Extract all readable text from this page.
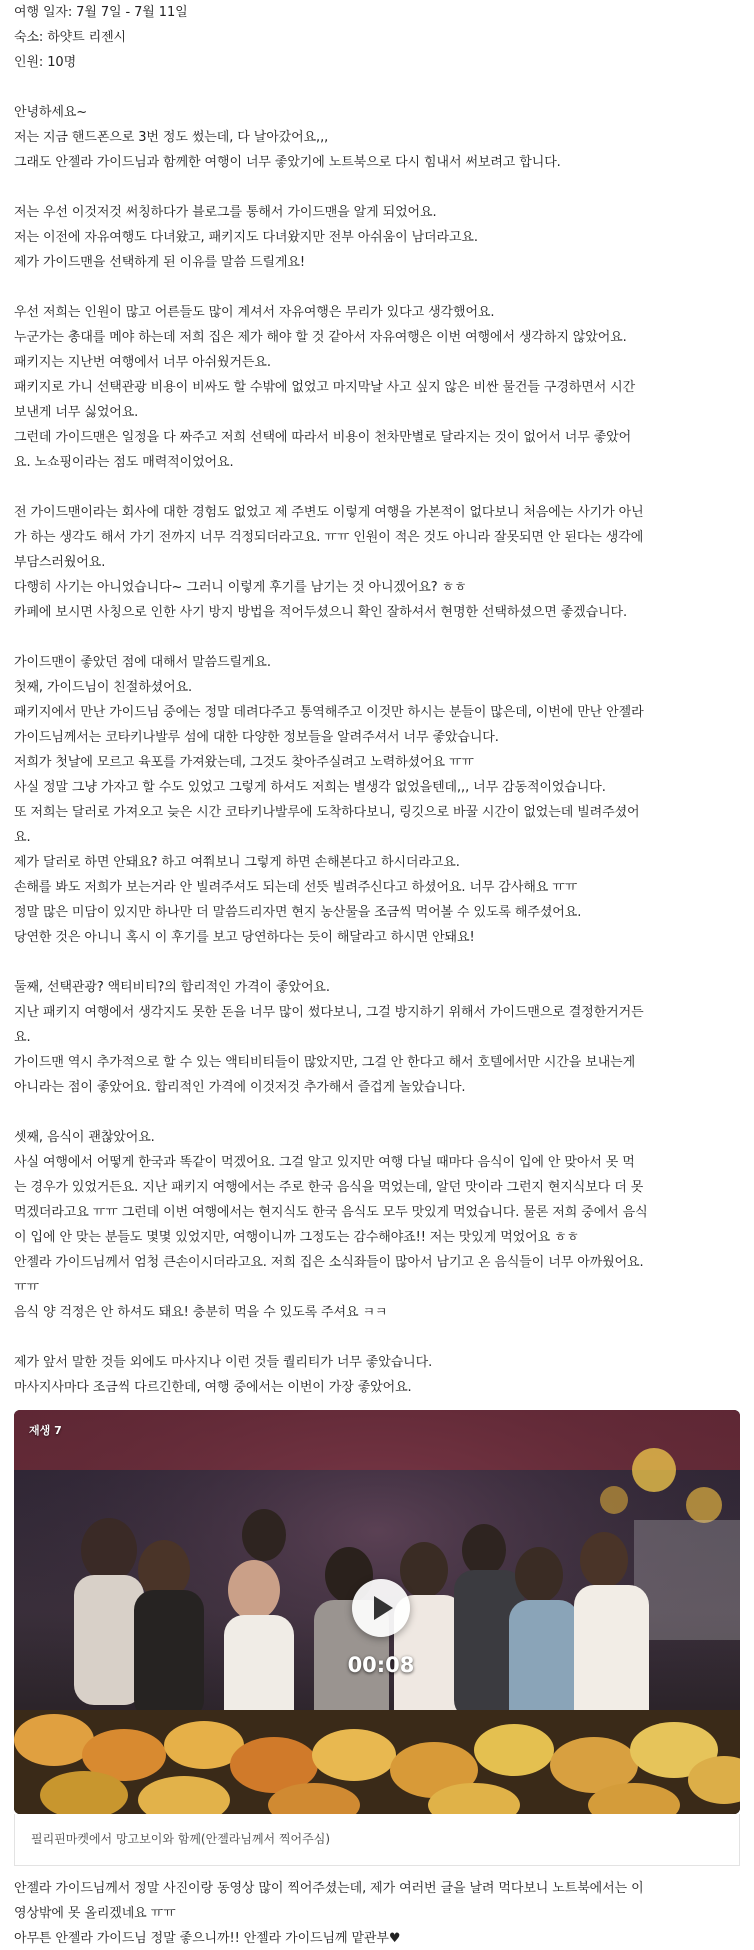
여행 일자: 7월 7일 - 7월 11일
숙소: 하얏트 리젠시
인원: 10명
안녕하세요~
저는 지금 핸드폰으로 3번 정도 썼는데, 다 날아갔어요,,,
그래도 안젤라 가이드님과 함께한 여행이 너무 좋았기에 노트북으로 다시 힘내서 써보려고 합니다.
저는 우선 이것저것 써칭하다가 블로그를 통해서 가이드맨을 알게 되었어요.
저는 이전에 자유여행도 다녀왔고, 패키지도 다녀왔지만 전부 아쉬움이 남더라고요.
제가 가이드맨을 선택하게 된 이유를 말씀 드릴게요!
우선 저희는 인원이 많고 어른들도 많이 계셔서 자유여행은 무리가 있다고 생각했어요.
누군가는 총대를 메야 하는데 저희 집은 제가 해야 할 것 같아서 자유여행은 이번 여행에서 생각하지 않았어요.
패키지는 지난번 여행에서 너무 아쉬웠거든요.
패키지로 가니 선택관광 비용이 비싸도 할 수밖에 없었고 마지막날 사고 싶지 않은 비싼 물건들 구경하면서 시간
보낸게 너무 싫었어요.
그런데 가이드맨은 일정을 다 짜주고 저희 선택에 따라서 비용이 천차만별로 달라지는 것이 없어서 너무 좋았어
요. 노쇼핑이라는 점도 매력적이었어요.
전 가이드맨이라는 회사에 대한 경험도 없었고 제 주변도 이렇게 여행을 가본적이 없다보니 처음에는 사기가 아닌
가 하는 생각도 해서 가기 전까지 너무 걱정되더라고요. ㅠㅠ 인원이 적은 것도 아니라 잘못되면 안 된다는 생각에
부담스러웠어요.
다행히 사기는 아니었습니다~ 그러니 이렇게 후기를 남기는 것 아니겠어요? ㅎㅎ
카페에 보시면 사칭으로 인한 사기 방지 방법을 적어두셨으니 확인 잘하셔서 현명한 선택하셨으면 좋겠습니다.
가이드맨이 좋았던 점에 대해서 말씀드릴게요.
첫째, 가이드님이 친절하셨어요.
패키지에서 만난 가이드님 중에는 정말 데려다주고 통역해주고 이것만 하시는 분들이 많은데, 이번에 만난 안젤라
가이드님께서는 코타키나발루 섬에 대한 다양한 정보들을 알려주셔서 너무 좋았습니다.
저희가 첫날에 모르고 육포를 가져왔는데, 그것도 찾아주실려고 노력하셨어요 ㅠㅠ
사실 정말 그냥 가자고 할 수도 있었고 그렇게 하셔도 저희는 별생각 없었을텐데,,, 너무 감동적이었습니다.
또 저희는 달러로 가져오고 늦은 시간 코타키나발루에 도착하다보니, 링깃으로 바꿀 시간이 없었는데 빌려주셨어
요.
제가 달러로 하면 안돼요? 하고 여쭤보니 그렇게 하면 손해본다고 하시더라고요.
손해를 봐도 저희가 보는거라 안 빌려주셔도 되는데 선뜻 빌려주신다고 하셨어요. 너무 감사해요 ㅠㅠ
정말 많은 미담이 있지만 하나만 더 말씀드리자면 현지 농산물을 조금씩 먹어볼 수 있도록 해주셨어요.
당연한 것은 아니니 혹시 이 후기를 보고 당연하다는 듯이 해달라고 하시면 안돼요!
둘째, 선택관광? 액티비티?의 합리적인 가격이 좋았어요.
지난 패키지 여행에서 생각지도 못한 돈을 너무 많이 썼다보니, 그걸 방지하기 위해서 가이드맨으로 결정한거거든
요.
가이드맨 역시 추가적으로 할 수 있는 액티비티들이 많았지만, 그걸 안 한다고 해서 호텔에서만 시간을 보내는게
아니라는 점이 좋았어요. 합리적인 가격에 이것저것 추가해서 즐겁게 놀았습니다.
셋째, 음식이 괜찮았어요.
사실 여행에서 어떻게 한국과 똑같이 먹겠어요. 그걸 알고 있지만 여행 다닐 때마다 음식이 입에 안 맞아서 못 먹
는 경우가 있었거든요. 지난 패키지 여행에서는 주로 한국 음식을 먹었는데, 알던 맛이라 그런지 현지식보다 더 못
먹겠더라고요 ㅠㅠ 그런데 이번 여행에서는 현지식도 한국 음식도 모두 맛있게 먹었습니다. 물론 저희 중에서 음식
이 입에 안 맞는 분들도 몇몇 있었지만, 여행이니까 그정도는 감수해야죠!! 저는 맛있게 먹었어요 ㅎㅎ
안젤라 가이드님께서 엄청 큰손이시더라고요. 저희 집은 소식좌들이 많아서 남기고 온 음식들이 너무 아까웠어요.
ㅠㅠ
음식 양 걱정은 안 하셔도 돼요! 충분히 먹을 수 있도록 주셔요 ㅋㅋ
제가 앞서 말한 것들 외에도 마사지나 이런 것들 퀄리티가 너무 좋았습니다.
마사지사마다 조금씩 다르긴한데, 여행 중에서는 이번이 가장 좋았어요.
재생 7
00:08
필리핀마켓에서 망고보이와 함께(안젤라님께서 찍어주심)
안젤라 가이드님께서 정말 사진이랑 동영상 많이 찍어주셨는데, 제가 여러번 글을 날려 먹다보니 노트북에서는 이
영상밖에 못 올리겠네요 ㅠㅠ
아무튼 안젤라 가이드님 정말 좋으니까!! 안젤라 가이드님께 맡관부♥
